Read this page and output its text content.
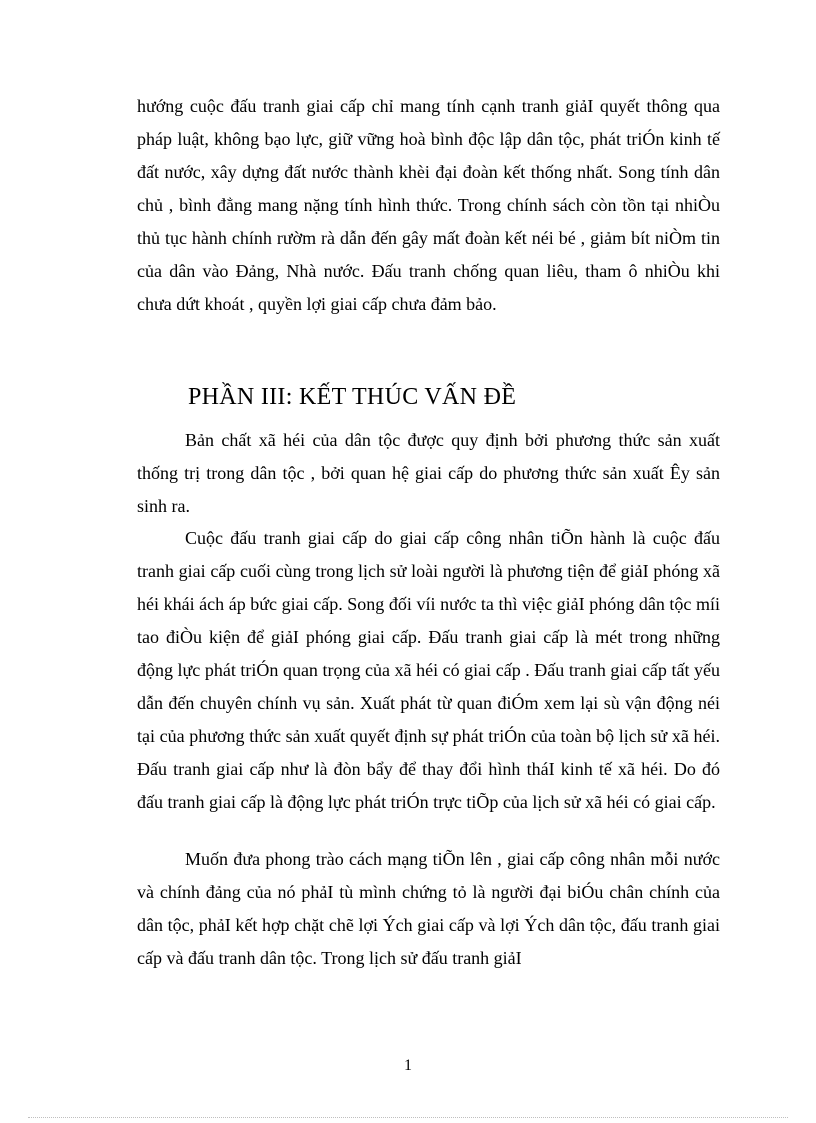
hướng cuộc đấu tranh giai cấp chỉ mang tính cạnh tranh giảI quyết thông qua pháp luật, không bạo lực, giữ vững hoà bình độc lập dân tộc, phát triÓn kinh tế đất nước, xây dựng đất nước thành khèi đại đoàn kết thống nhất. Song tính dân chủ , bình đẳng mang nặng tính hình thức. Trong chính sách còn tồn tại nhiÒu thủ tục hành chính rườm rà dẫn đến gây mất đoàn kết néi bé , giảm bít niÒm tin của dân vào Đảng, Nhà nước. Đấu tranh chống quan liêu, tham ô nhiÒu khi chưa dứt khoát , quyền lợi giai cấp chưa đảm bảo.

PHẦN III: KẾT THÚC VẤN ĐỀ

Bản chất xã héi của dân tộc được quy định bởi phương thức sản xuất thống trị trong dân tộc , bởi quan hệ giai cấp do phương thức sản xuất Êy sản sinh ra.

Cuộc đấu tranh giai cấp do giai cấp công nhân tiÕn hành là cuộc đấu tranh giai cấp cuối cùng trong lịch sử loài người là phương tiện để giảI phóng xã héi khái ách áp bức giai cấp. Song đối víi nước ta thì việc giảI phóng dân tộc míi tao điÒu kiện để giảI phóng giai cấp. Đấu tranh giai cấp là mét trong những động lực phát triÓn quan trọng của xã héi có giai cấp . Đấu tranh giai cấp tất yếu dẫn đến chuyên chính vụ sản. Xuất phát từ quan điÓm xem lại sù vận động néi tại của phương thức sản xuất quyết định sự phát triÓn của toàn bộ lịch sử xã héi. Đấu tranh giai cấp như là đòn bẩy để thay đổi hình tháI kinh tế xã héi. Do đó đấu tranh giai cấp là động lực phát triÓn trực tiÕp của lịch sử xã héi có giai cấp.

Muốn đưa phong trào cách mạng tiÕn lên , giai cấp công nhân mỗi nước và chính đảng của nó phảI tù mình chứng tỏ là người đại biÓu chân chính của dân tộc, phảI kết hợp chặt chẽ lợi Ých giai cấp và lợi Ých dân tộc, đấu tranh giai cấp và đấu tranh dân tộc. Trong lịch sử đấu tranh giảI

1
